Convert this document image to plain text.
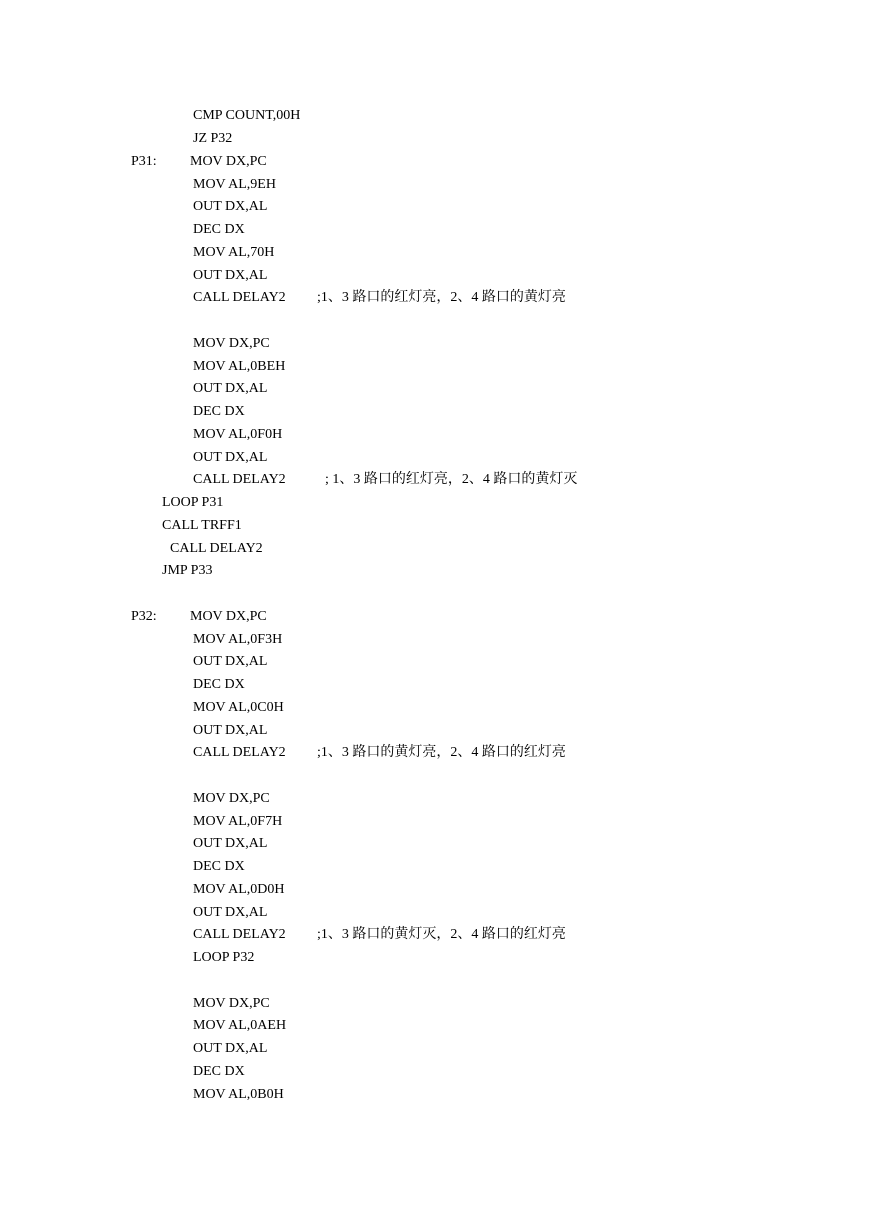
CMP COUNT,00H
JZ P32
P31: MOV DX,PC
MOV AL,9EH
OUT DX,AL
DEC DX
MOV AL,70H
OUT DX,AL
CALL DELAY2 ;1、3 路口的红灯亮，2、4 路口的黄灯亮
MOV DX,PC
MOV AL,0BEH
OUT DX,AL
DEC DX
MOV AL,0F0H
OUT DX,AL
CALL DELAY2	; 1、3 路口的红灯亮，2、4 路口的黄灯灭
LOOP P31
CALL TRFF1
CALL DELAY2
JMP P33
P32: MOV DX,PC
MOV AL,0F3H
OUT DX,AL
DEC DX
MOV AL,0C0H
OUT DX,AL
CALL DELAY2 ;1、3 路口的黄灯亮，2、4 路口的红灯亮
MOV DX,PC
MOV AL,0F7H
OUT DX,AL
DEC DX
MOV AL,0D0H
OUT DX,AL
CALL DELAY2 ;1、3 路口的黄灯灭，2、4 路口的红灯亮
LOOP P32
MOV DX,PC
MOV AL,0AEH
OUT DX,AL
DEC DX
MOV AL,0B0H
